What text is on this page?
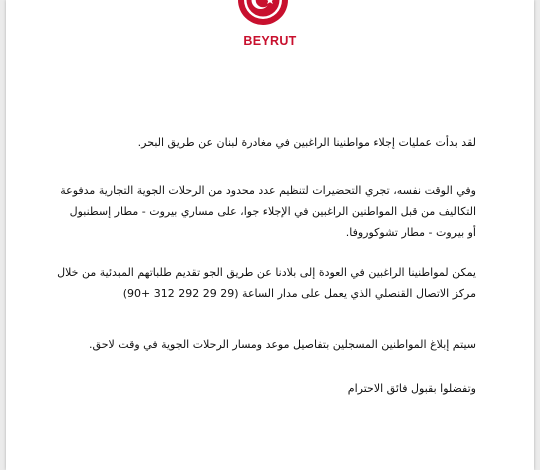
BEYRUT

لقد بدأت عمليات إجلاء مواطنينا الراغبين في مغادرة لبنان عن طريق البحر.

وفي الوقت نفسه، تجري التحضيرات لتنظيم عدد محدود من الرحلات الجوية التجارية مدفوعة
التكاليف من قبل المواطنين الراغبين في الإجلاء جوا، على مساري بيروت - مطار إسطنبول
أو بيروت - مطار تشوكوروفا.

يمكن لمواطنينا الراغبين في العودة إلى بلادنا عن طريق الجو تقديم طلباتهم المبدئية من خلال
مركز الاتصال القنصلي الذي يعمل على مدار الساعة (90+ 312 292 29 29)

سيتم إبلاغ المواطنين المسجلين بتفاصيل موعد ومسار الرحلات الجوية في وقت لاحق.

وتفضلوا بقبول فائق الاحترام
